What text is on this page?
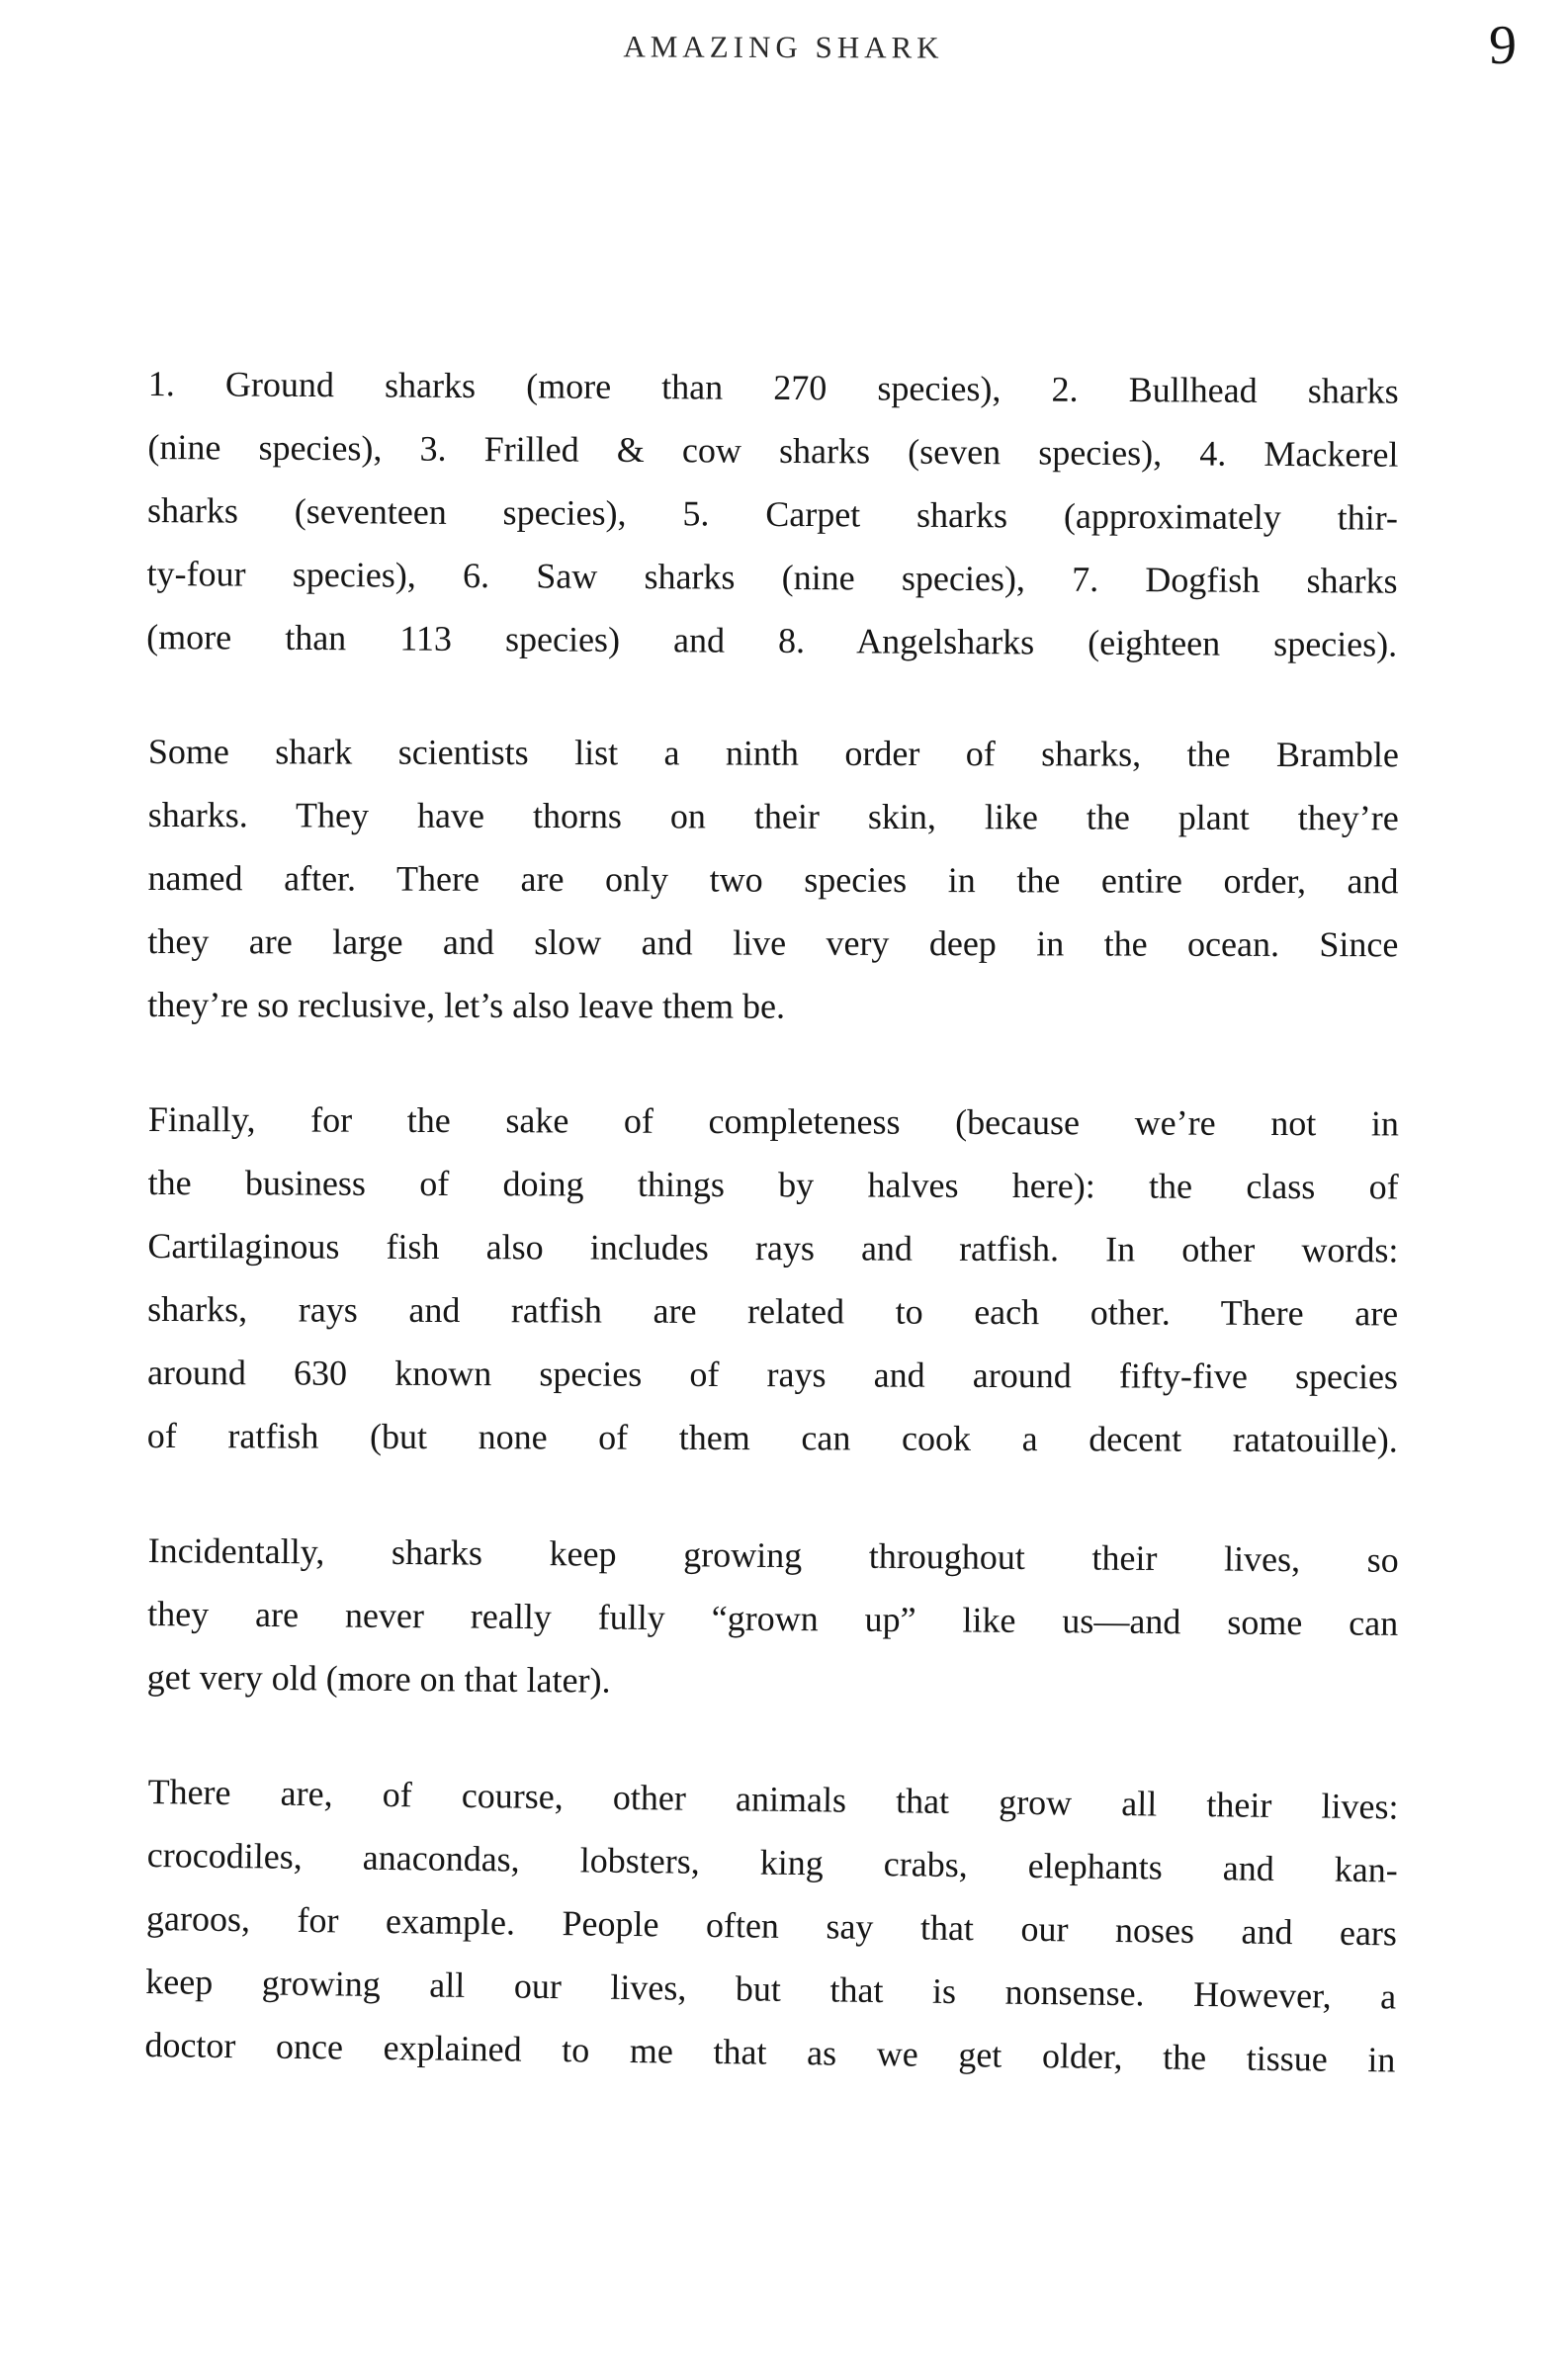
AMAZING SHARK	9

1. Ground sharks (more than 270 species), 2. Bullhead sharks
(nine species), 3. Frilled & cow sharks (seven species), 4. Mackerel
sharks (seventeen species), 5. Carpet sharks (approximately thir-
ty-four species), 6. Saw sharks (nine species), 7. Dogfish sharks
(more than 113 species) and 8. Angelsharks (eighteen species).

Some shark scientists list a ninth order of sharks, the Bramble
sharks. They have thorns on their skin, like the plant they’re
named after. There are only two species in the entire order, and
they are large and slow and live very deep in the ocean. Since
they’re so reclusive, let’s also leave them be.

Finally, for the sake of completeness (because we’re not in
the business of doing things by halves here): the class of
Cartilaginous fish also includes rays and ratfish. In other words:
sharks, rays and ratfish are related to each other. There are
around 630 known species of rays and around fifty-five species
of ratfish (but none of them can cook a decent ratatouille).

Incidentally, sharks keep growing throughout their lives, so
they are never really fully “grown up” like us—and some can
get very old (more on that later).

There are, of course, other animals that grow all their lives:
crocodiles, anacondas, lobsters, king crabs, elephants and kan-
garoos, for example. People often say that our noses and ears
keep growing all our lives, but that is nonsense. However, a
doctor once explained to me that as we get older, the tissue in
